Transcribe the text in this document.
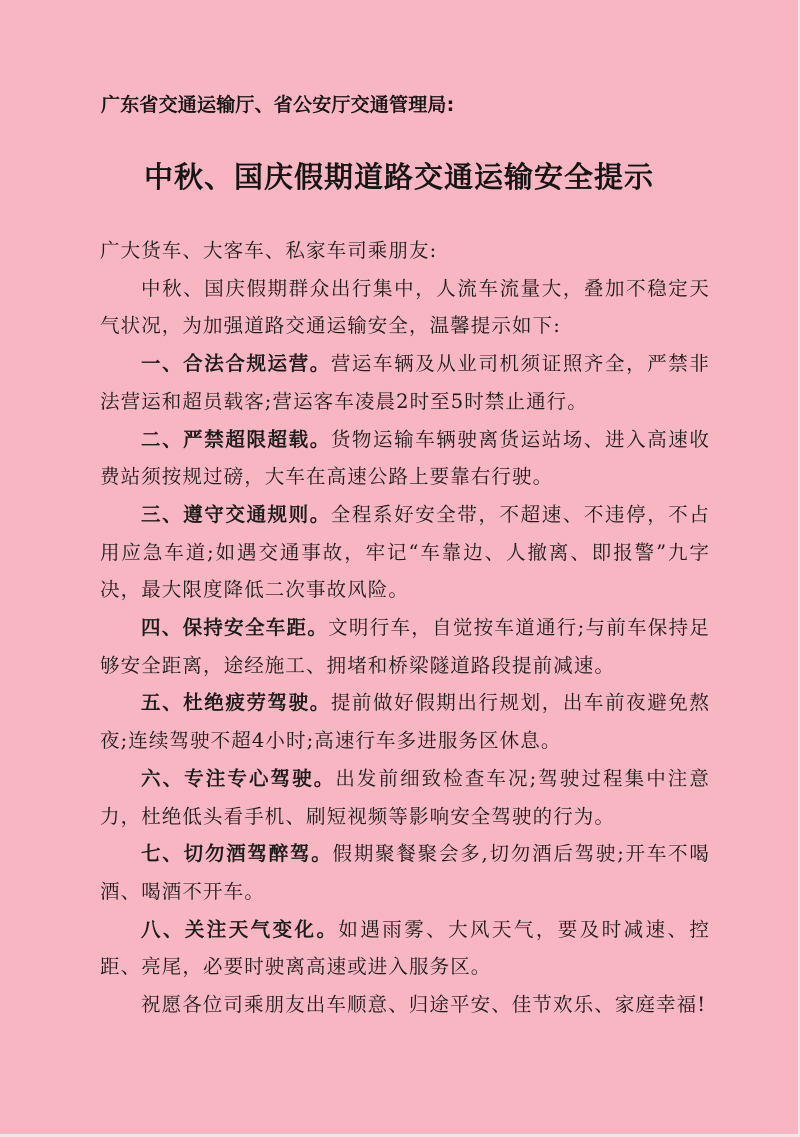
广东省交通运输厅、省公安厅交通管理局:
中秋、国庆假期道路交通运输安全提示

广大货车、大客车、私家车司乘朋友:

中秋、国庆假期群众出行集中，人流车流量大，叠加不稳定天气状况，为加强道路交通运输安全，温馨提示如下:

一、合法合规运营。营运车辆及从业司机须证照齐全，严禁非法营运和超员载客;营运客车凌晨2时至5时禁止通行。

二、严禁超限超载。货物运输车辆驶离货运站场、进入高速收费站须按规过磅，大车在高速公路上要靠右行驶。

三、遵守交通规则。全程系好安全带，不超速、不违停，不占用应急车道;如遇交通事故，牢记“车靠边、人撤离、即报警”九字决，最大限度降低二次事故风险。

四、保持安全车距。文明行车，自觉按车道通行;与前车保持足够安全距离，途经施工、拥堵和桥梁隧道路段提前减速。

五、杜绝疲劳驾驶。提前做好假期出行规划，出车前夜避免熬夜;连续驾驶不超4小时;高速行车多进服务区休息。

六、专注专心驾驶。出发前细致检查车况;驾驶过程集中注意力，杜绝低头看手机、刷短视频等影响安全驾驶的行为。

七、切勿酒驾醉驾。假期聚餐聚会多,切勿酒后驾驶;开车不喝酒、喝酒不开车。

八、关注天气变化。如遇雨雾、大风天气，要及时减速、控距、亮尾，必要时驶离高速或进入服务区。

祝愿各位司乘朋友出车顺意、归途平安、佳节欢乐、家庭幸福!
